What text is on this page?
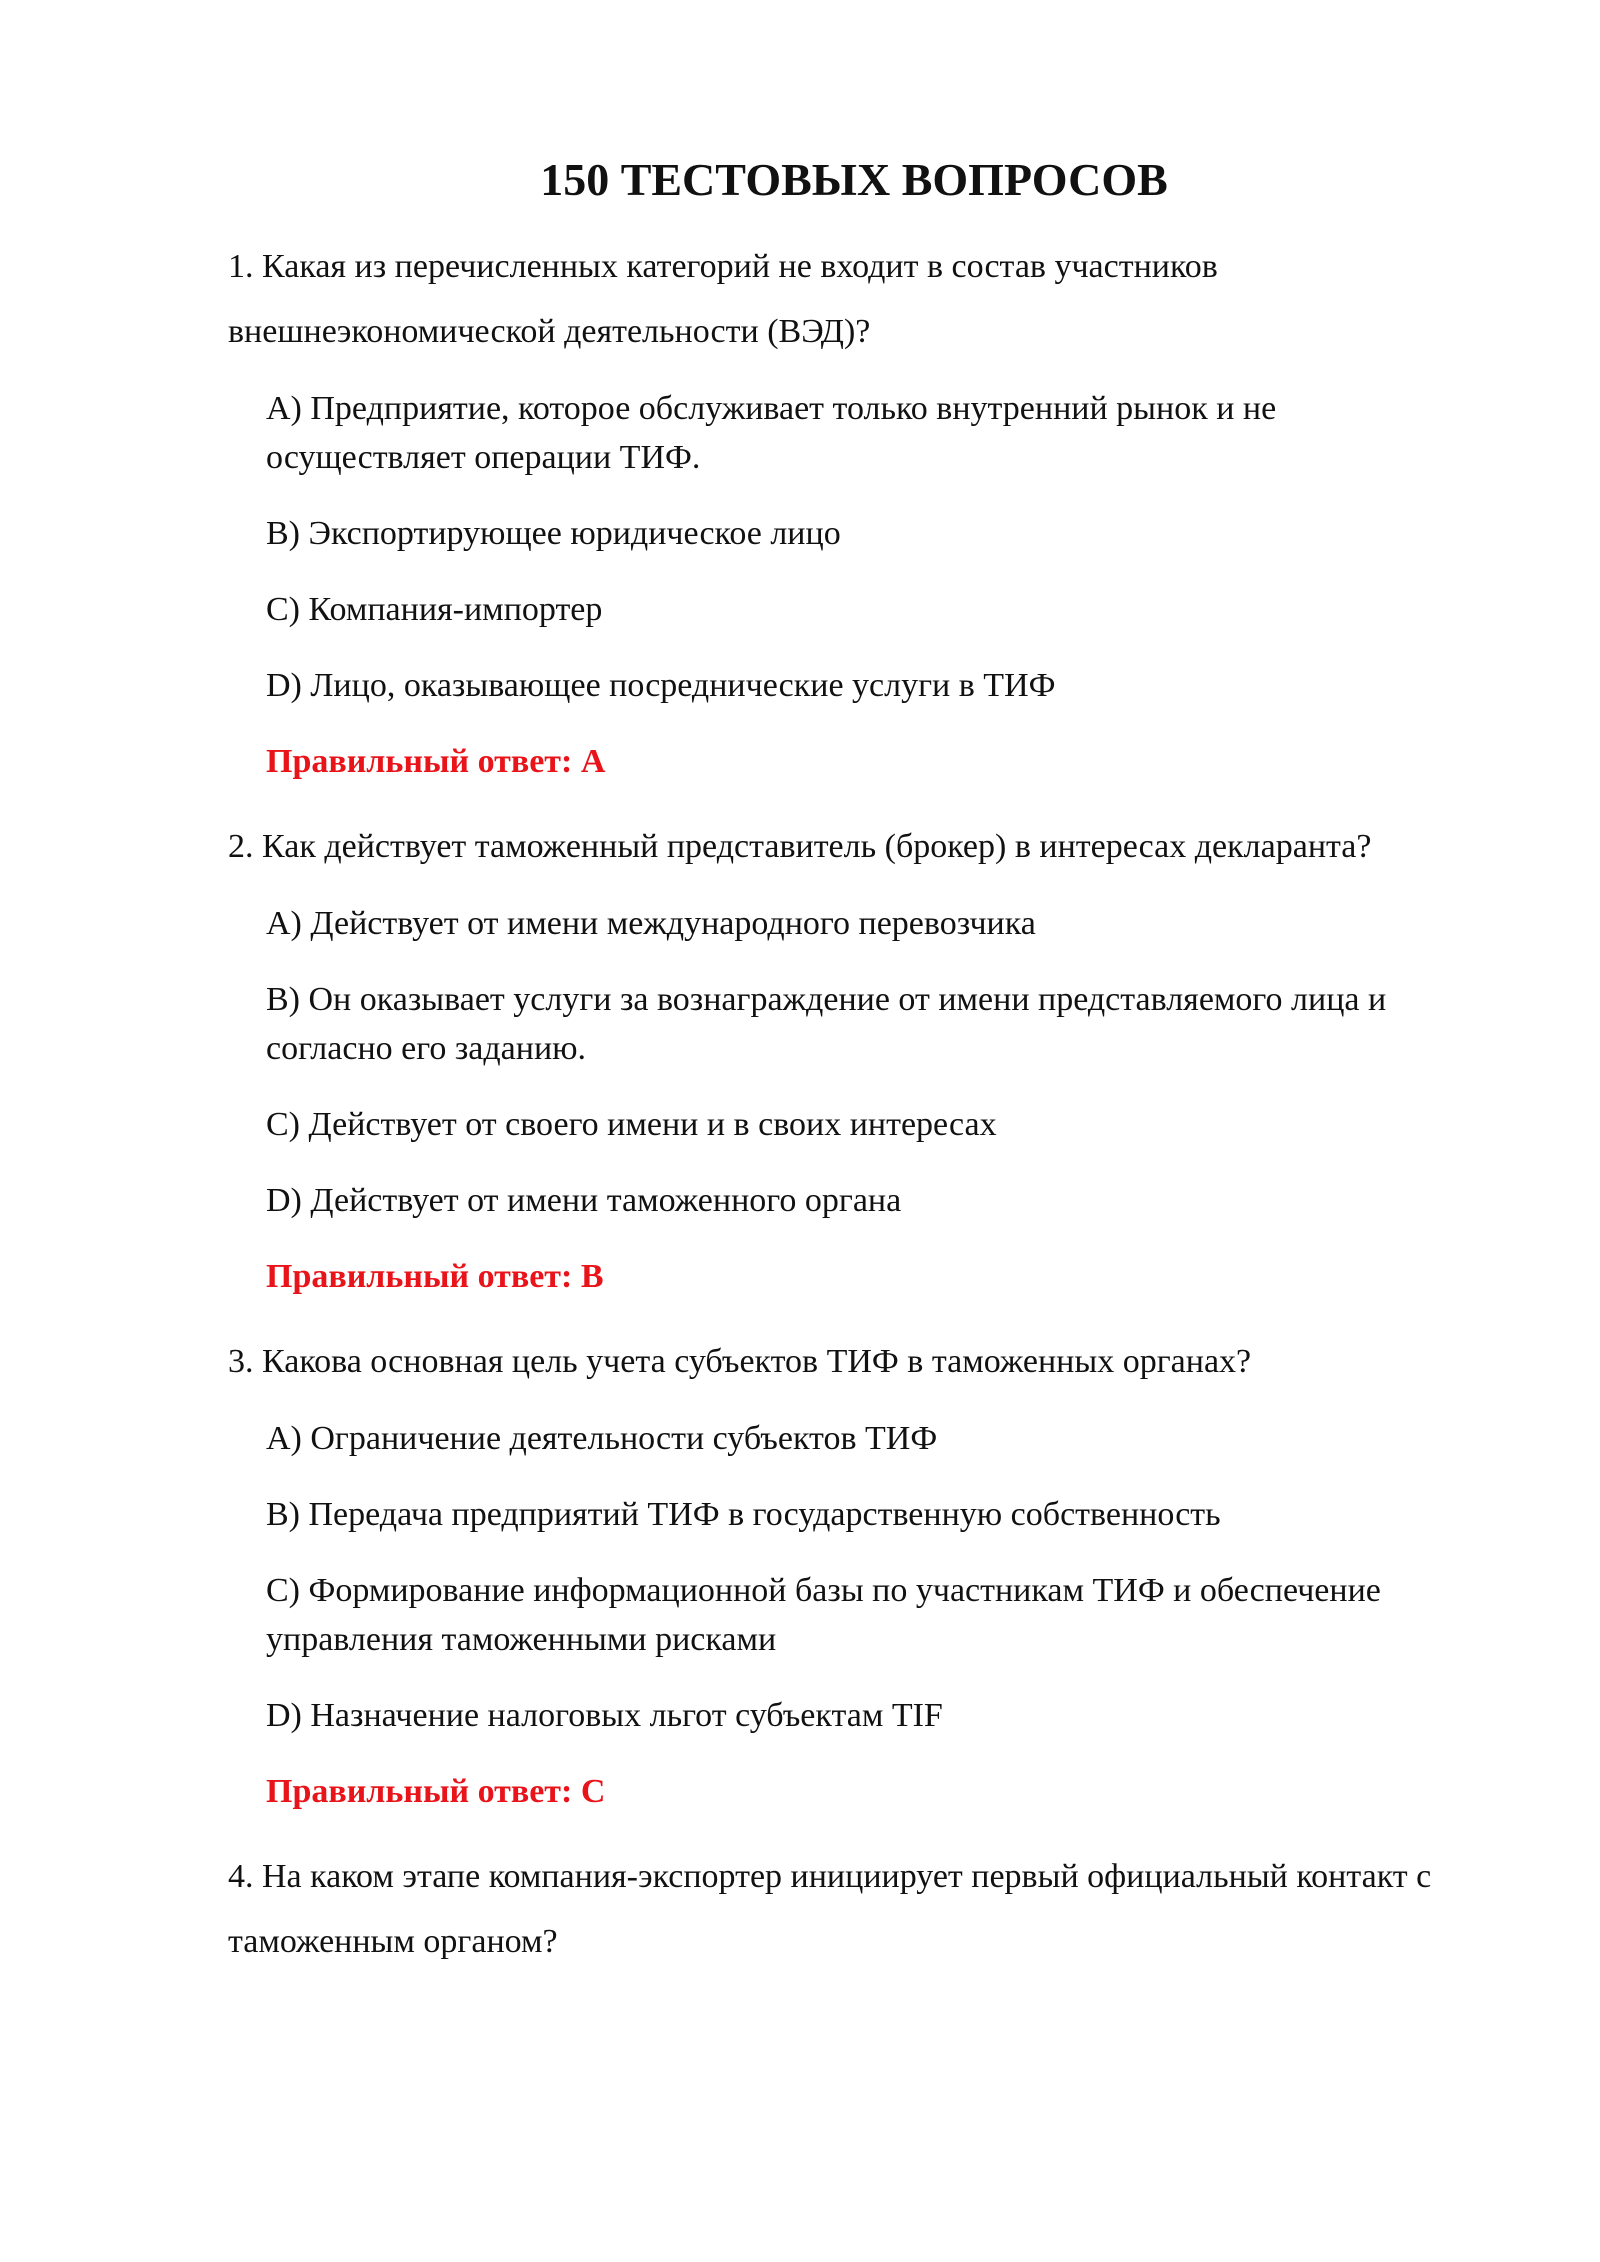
150 ТЕСТОВЫХ ВОПРОСОВ
1. Какая из перечисленных категорий не входит в состав участников внешнеэкономической деятельности (ВЭД)?
A) Предприятие, которое обслуживает только внутренний рынок и не осуществляет операции ТИФ.
B) Экспортирующее юридическое лицо
C) Компания-импортер
D) Лицо, оказывающее посреднические услуги в ТИФ
Правильный ответ: A
2. Как действует таможенный представитель (брокер) в интересах декларанта?
A) Действует от имени международного перевозчика
B) Он оказывает услуги за вознаграждение от имени представляемого лица и согласно его заданию.
C) Действует от своего имени и в своих интересах
D) Действует от имени таможенного органа
Правильный ответ: B
3. Какова основная цель учета субъектов ТИФ в таможенных органах?
A) Ограничение деятельности субъектов ТИФ
B) Передача предприятий ТИФ в государственную собственность
C) Формирование информационной базы по участникам ТИФ и обеспечение управления таможенными рисками
D) Назначение налоговых льгот субъектам TIF
Правильный ответ: C
4. На каком этапе компания-экспортер инициирует первый официальный контакт с таможенным органом?
